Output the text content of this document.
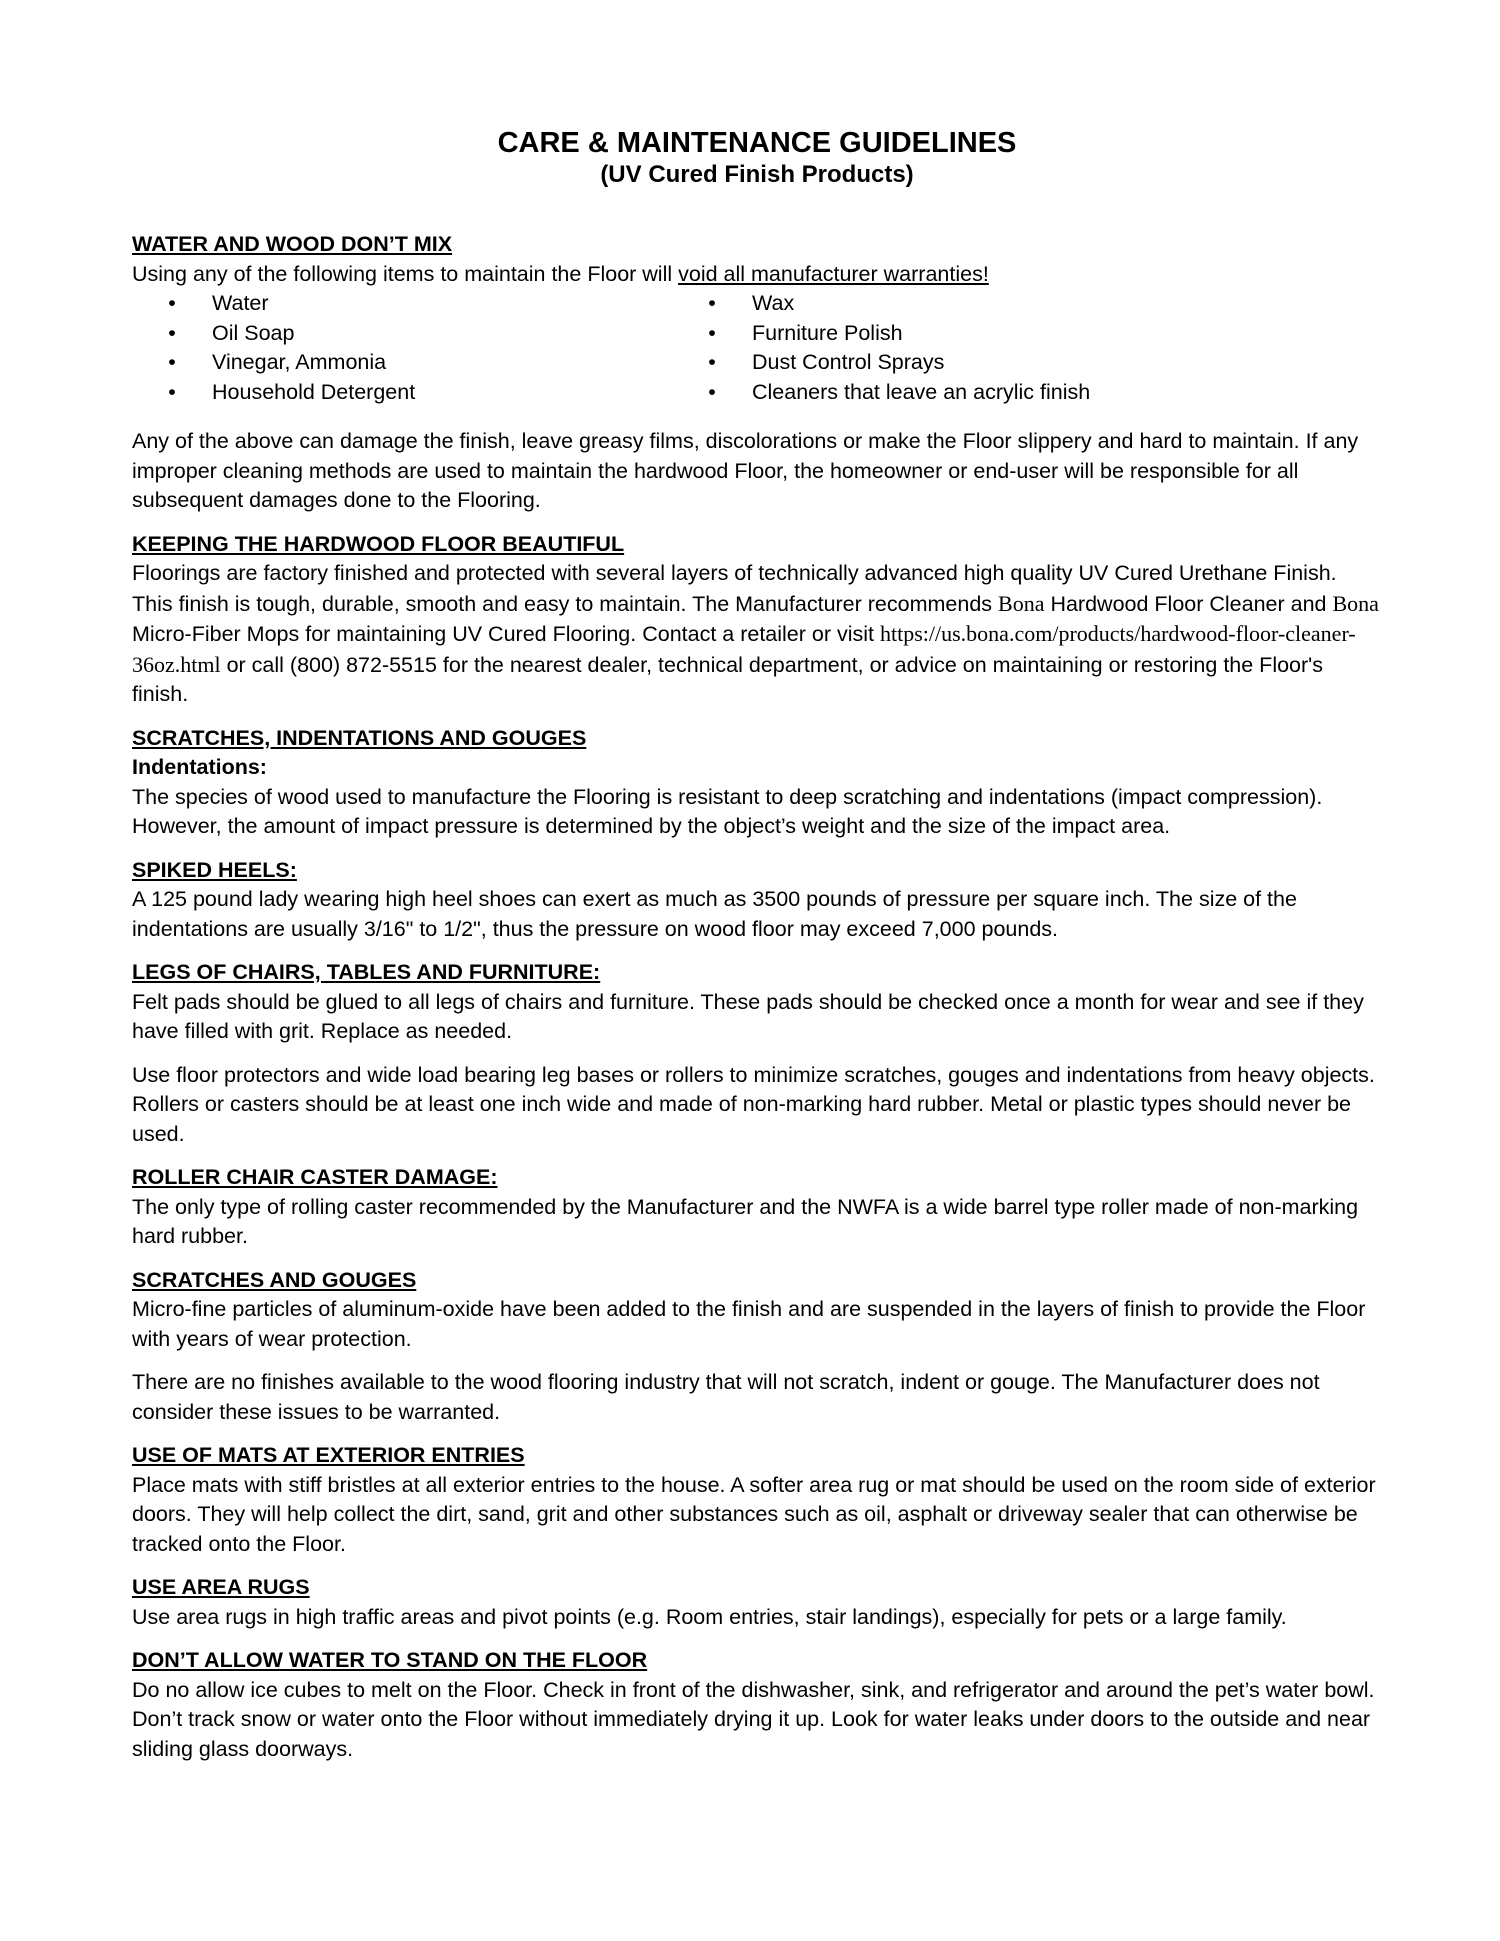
CARE & MAINTENANCE GUIDELINES
(UV Cured Finish Products)
WATER AND WOOD DON’T MIX

Using any of the following items to maintain the Floor will void all manufacturer warranties!

•	Water
•	Oil Soap
•	Vinegar, Ammonia
•	Household Detergent
•	Wax
•	Furniture Polish
•	Dust Control Sprays
•	Cleaners that leave an acrylic finish

Any of the above can damage the finish, leave greasy films, discolorations or make the Floor slippery and hard to maintain. If any improper cleaning methods are used to maintain the hardwood Floor, the homeowner or end-user will be responsible for all subsequent damages done to the Flooring.

KEEPING THE HARDWOOD FLOOR BEAUTIFUL

Floorings are factory finished and protected with several layers of technically advanced high quality UV Cured Urethane Finish. This finish is tough, durable, smooth and easy to maintain. The Manufacturer recommends Bona Hardwood Floor Cleaner and Bona Micro-Fiber Mops for maintaining UV Cured Flooring. Contact a retailer or visit https://us.bona.com/products/hardwood-floor-cleaner-36oz.html or call (800) 872-5515 for the nearest dealer, technical department, or advice on maintaining or restoring the Floor's finish.

SCRATCHES, INDENTATIONS AND GOUGES
Indentations:

The species of wood used to manufacture the Flooring is resistant to deep scratching and indentations (impact compression). However, the amount of impact pressure is determined by the object’s weight and the size of the impact area.

SPIKED HEELS:

A 125 pound lady wearing high heel shoes can exert as much as 3500 pounds of pressure per square inch. The size of the indentations are usually 3/16" to 1/2", thus the pressure on wood floor may exceed 7,000 pounds.

LEGS OF CHAIRS, TABLES AND FURNITURE:

Felt pads should be glued to all legs of chairs and furniture. These pads should be checked once a month for wear and see if they have filled with grit. Replace as needed.

Use floor protectors and wide load bearing leg bases or rollers to minimize scratches, gouges and indentations from heavy objects. Rollers or casters should be at least one inch wide and made of non-marking hard rubber. Metal or plastic types should never be used.

ROLLER CHAIR CASTER DAMAGE:

The only type of rolling caster recommended by the Manufacturer and the NWFA is a wide barrel type roller made of non-marking hard rubber.

SCRATCHES AND GOUGES

Micro-fine particles of aluminum-oxide have been added to the finish and are suspended in the layers of finish to provide the Floor with years of wear protection.

There are no finishes available to the wood flooring industry that will not scratch, indent or gouge. The Manufacturer does not consider these issues to be warranted.

USE OF MATS AT EXTERIOR ENTRIES

Place mats with stiff bristles at all exterior entries to the house. A softer area rug or mat should be used on the room side of exterior doors. They will help collect the dirt, sand, grit and other substances such as oil, asphalt or driveway sealer that can otherwise be tracked onto the Floor.

USE AREA RUGS

Use area rugs in high traffic areas and pivot points (e.g. Room entries, stair landings), especially for pets or a large family.

DON’T ALLOW WATER TO STAND ON THE FLOOR

Do no allow ice cubes to melt on the Floor. Check in front of the dishwasher, sink, and refrigerator and around the pet’s water bowl. Don’t track snow or water onto the Floor without immediately drying it up. Look for water leaks under doors to the outside and near sliding glass doorways.
